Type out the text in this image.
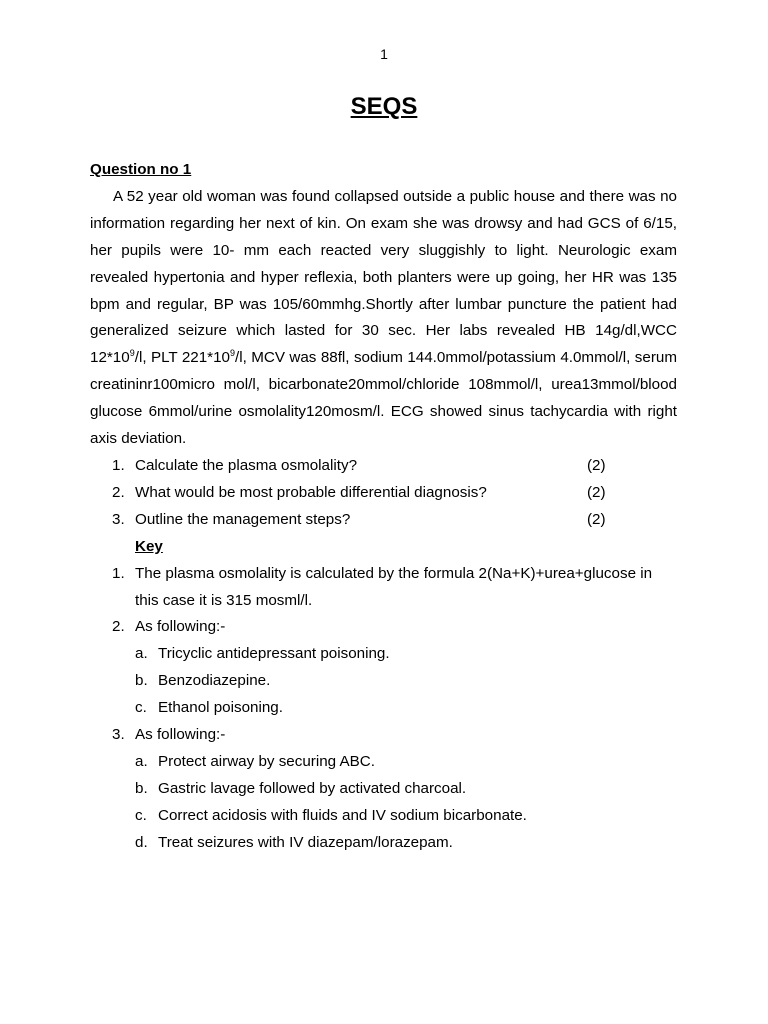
1
SEQS

Question no 1

A 52 year old woman was found collapsed outside a public house and there was no information regarding her next of kin. On exam she was drowsy and had GCS of 6/15, her pupils were 10- mm each reacted very sluggishly to light. Neurologic exam revealed hypertonia and hyper reflexia, both planters were up going, her HR was 135 bpm and regular, BP was 105/60mmhg.Shortly after lumbar puncture the patient had generalized seizure which lasted for 30 sec. Her labs revealed HB 14g/dl,WCC $12*10^9/l$, PLT $221*10^9/l$, MCV was 88fl, sodium 144.0mmol/potassium 4.0mmol/l, serum creatininr100micro mol/l, bicarbonate20mmol/chloride 108mmol/l, urea13mmol/blood glucose 6mmol/urine osmolality120mosm/l. ECG showed sinus tachycardia with right axis deviation.

1. Calculate the plasma osmolality?	(2)
2. What would be most probable differential diagnosis?	(2)
3. Outline the management steps?	(2)

Key

1. The plasma osmolality is calculated by the formula 2(Na+K)+urea+glucose in this case it is 315 mosml/l.
2. As following:-
a. Tricyclic antidepressant poisoning.
b. Benzodiazepine.
c. Ethanol poisoning.
3. As following:-
a. Protect airway by securing ABC.
b. Gastric lavage followed by activated charcoal.
c. Correct acidosis with fluids and IV sodium bicarbonate.
d. Treat seizures with IV diazepam/lorazepam.
